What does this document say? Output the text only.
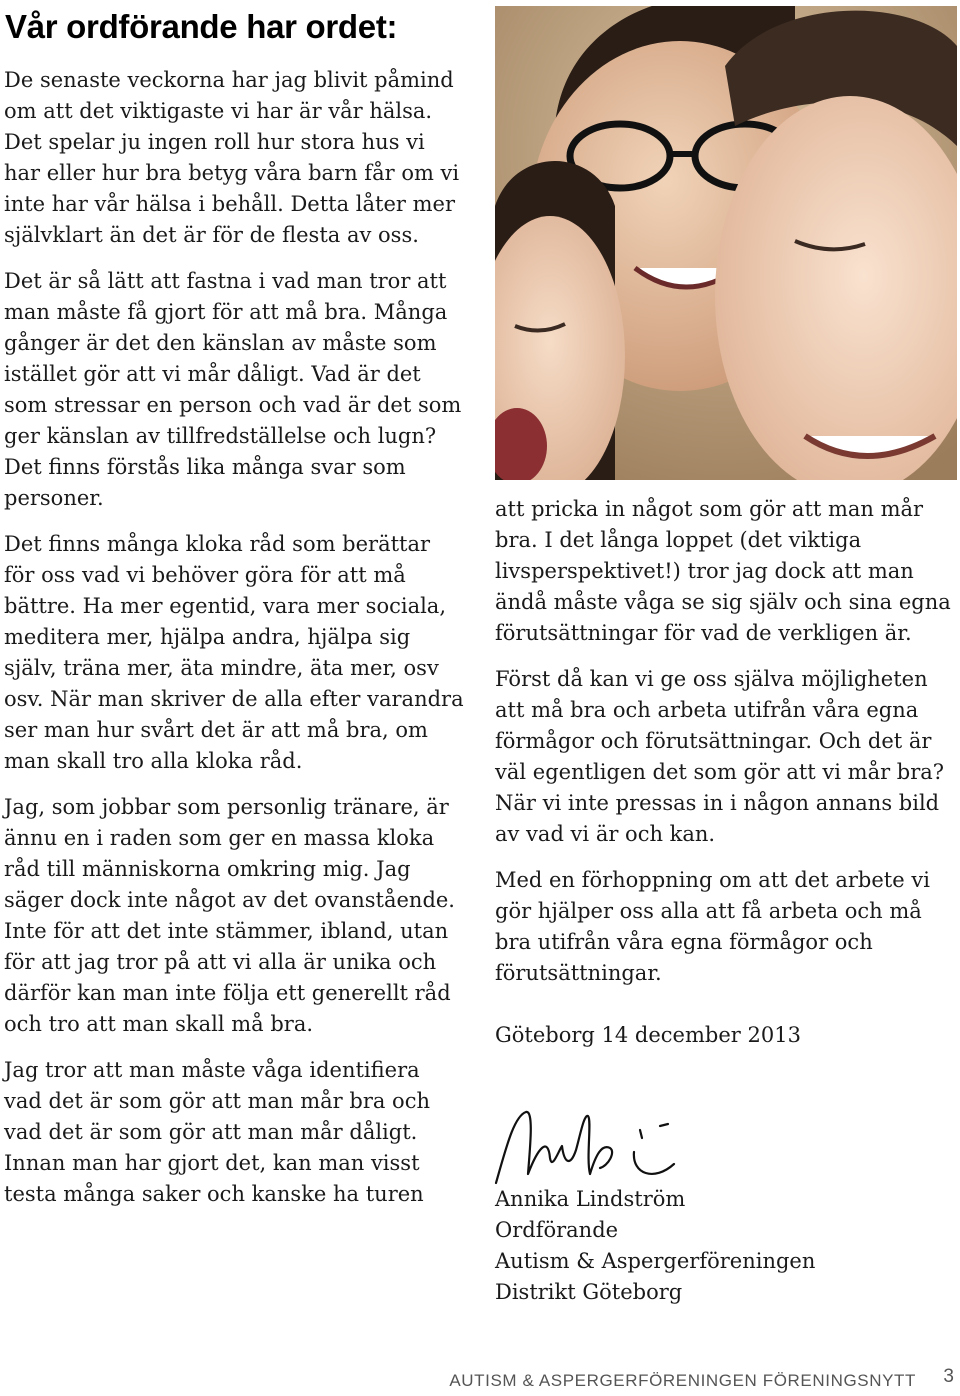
Vår ordförande har ordet:

De senaste veckorna har jag blivit påmind om att det viktigaste vi har är vår hälsa. Det spelar ju ingen roll hur stora hus vi har eller hur bra betyg våra barn får om vi inte har vår hälsa i behåll. Detta låter mer självklart än det är för de flesta av oss.

Det är så lätt att fastna i vad man tror att man måste få gjort för att må bra. Många gånger är det den känslan av måste som istället gör att vi mår dåligt. Vad är det som stressar en person och vad är det som ger känslan av tillfredställelse och lugn? Det finns förstås lika många svar som personer.

Det finns många kloka råd som berättar för oss vad vi behöver göra för att må bättre. Ha mer egentid, vara mer sociala, meditera mer, hjälpa andra, hjälpa sig själv, träna mer, äta mindre, äta mer, osv osv. När man skriver de alla efter varandra ser man hur svårt det är att må bra, om man skall tro alla kloka råd.

Jag, som jobbar som personlig tränare, är ännu en i raden som ger en massa kloka råd till människorna omkring mig. Jag säger dock inte något av det ovanstående. Inte för att det inte stämmer, ibland, utan för att jag tror på att vi alla är unika och därför kan man inte följa ett generellt råd och tro att man skall må bra.

Jag tror att man måste våga identifiera vad det är som gör att man mår bra och vad det är som gör att man mår dåligt. Innan man har gjort det, kan man visst testa många saker och kanske ha turen

att pricka in något som gör att man mår bra. I det långa loppet (det viktiga livsperspektivet!) tror jag dock att man ändå måste våga se sig själv och sina egna förutsättningar för vad de verkligen är.

Först då kan vi ge oss själva möjligheten att må bra och arbeta utifrån våra egna förmågor och förutsättningar. Och det är väl egentligen det som gör att vi mår bra? När vi inte pressas in i någon annans bild av vad vi är och kan.

Med en förhoppning om att det arbete vi gör hjälper oss alla att få arbeta och må bra utifrån våra egna förmågor och förutsättningar.

Göteborg 14 december 2013

Annika Lindström
Ordförande
Autism & Aspergerföreningen
Distrikt Göteborg
AUTISM & ASPERGERFÖRENINGEN FÖRENINGSNYTT 3
